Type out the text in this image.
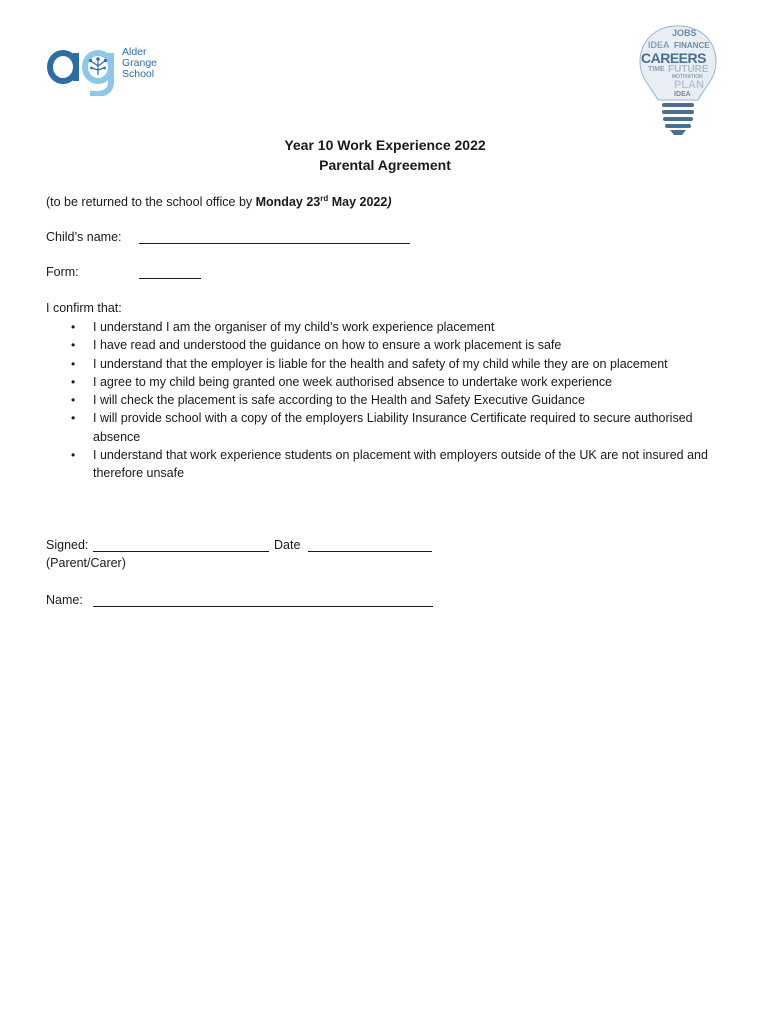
Alder
Grange
School
JOBS
IDEA FINANCE
CAREERS
TIME FUTURE
PLAN
MOTIVATION
IDEA
Year 10 Work Experience 2022
Parental Agreement
(to be returned to the school office by Monday 23rd May 2022)
Child’s name:
Form:
I confirm that:
• I understand I am the organiser of my child’s work experience placement
• I have read and understood the guidance on how to ensure a work placement is safe
• I understand that the employer is liable for the health and safety of my child while they are on placement
• I agree to my child being granted one week authorised absence to undertake work experience
• I will check the placement is safe according to the Health and Safety Executive Guidance
• I will provide school with a copy of the employers Liability Insurance Certificate required to secure authorised absence
• I understand that work experience students on placement with employers outside of the UK are not insured and therefore unsafe
Signed:	Date
(Parent/Carer)
Name:
